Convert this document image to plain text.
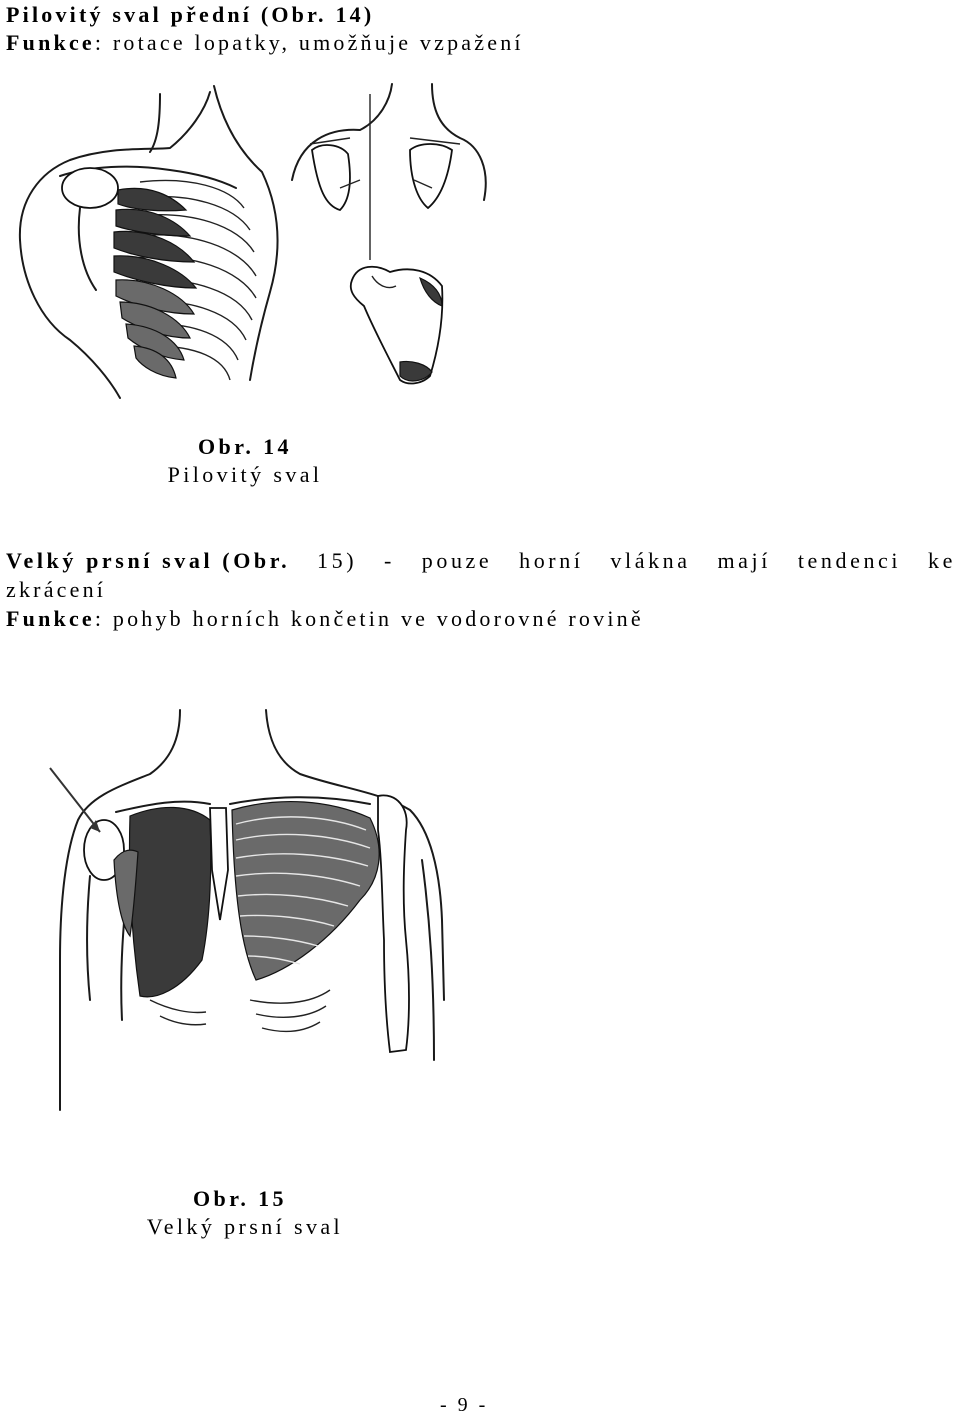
Pilovitý sval přední (Obr. 14)
Funkce: rotace lopatky, umožňuje vzpažení
Obr. 14
Pilovitý sval
Velký prsní sval (Obr. 15) - pouze horní vlákna mají tendenci ke
zkrácení
Funkce: pohyb horních končetin ve vodorovné rovině
Obr. 15
Velký prsní sval
- 9 -
